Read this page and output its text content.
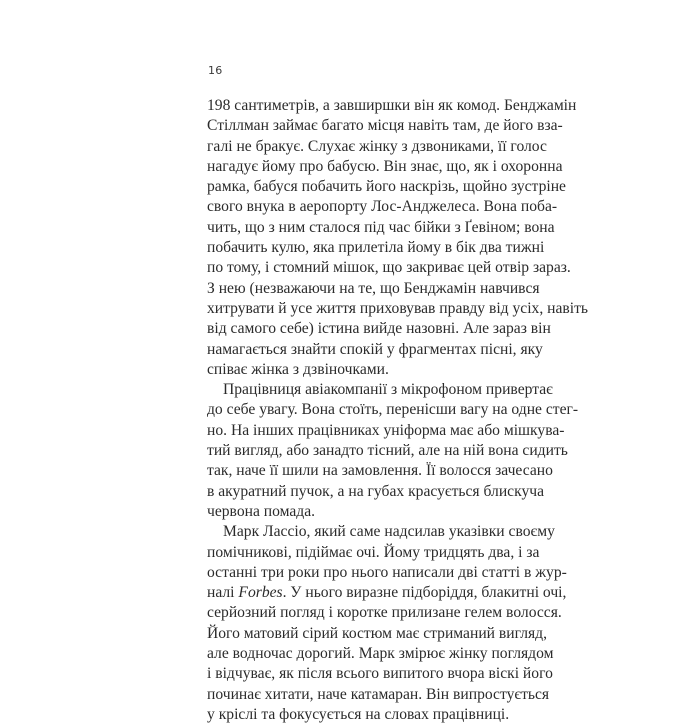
16
198 сантиметрів, а завширшки він як комод. Бенджамін
Стіллман займає багато місця навіть там, де його вза-
галі не бракує. Слухає жінку з дзвониками, її голос
нагадує йому про бабусю. Він знає, що, як і охоронна
рамка, бабуся побачить його наскрізь, щойно зустріне
свого внука в аеропорту Лос-Анджелеса. Вона поба-
чить, що з ним сталося під час бійки з Ґевіном; вона
побачить кулю, яка прилетіла йому в бік два тижні
по тому, і стомний мішок, що закриває цей отвір зараз.
З нею (незважаючи на те, що Бенджамін навчився
хитрувати й усе життя приховував правду від усіх, навіть
від самого себе) істина вийде назовні. Але зараз він
намагається знайти спокій у фрагментах пісні, яку
співає жінка з дзвіночками.
Працівниця авіакомпанії з мікрофоном привертає
до себе увагу. Вона стоїть, перенісши вагу на одне стег-
но. На інших працівниках уніформа має або мішкува-
тий вигляд, або занадто тісний, але на ній вона сидить
так, наче її шили на замовлення. Її волосся зачесано
в акуратний пучок, а на губах красується блискуча
червона помада.
Марк Лассіо, який саме надсилав указівки своєму
помічникові, підіймає очі. Йому тридцять два, і за
останні три роки про нього написали дві статті в жур-
налі Forbes. У нього виразне підборіддя, блакитні очі,
серйозний погляд і коротке прилизане гелем волосся.
Його матовий сірий костюм має стриманий вигляд,
але водночас дорогий. Марк змірює жінку поглядом
і відчуває, як після всього випитого вчора віскі його
починає хитати, наче катамаран. Він випростується
у кріслі та фокусується на словах працівниці.
